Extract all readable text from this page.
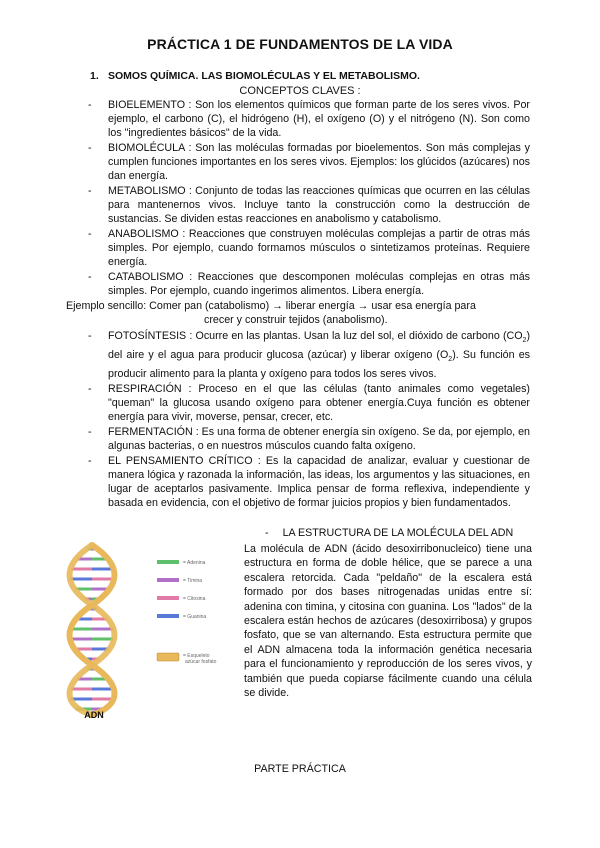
PRÁCTICA 1 DE FUNDAMENTOS DE LA VIDA
1. SOMOS QUÍMICA. LAS BIOMOLÉCULAS Y EL METABOLISMO.
CONCEPTOS CLAVES :
- BIOELEMENTO : Son los elementos químicos que forman parte de los seres vivos. Por ejemplo, el carbono (C), el hidrógeno (H), el oxígeno (O) y el nitrógeno (N). Son como los "ingredientes básicos" de la vida.
- BIOMOLÉCULA : Son las moléculas formadas por bioelementos. Son más complejas y cumplen funciones importantes en los seres vivos. Ejemplos: los glúcidos (azúcares) nos dan energía.
- METABOLISMO : Conjunto de todas las reacciones químicas que ocurren en las células para mantenernos vivos. Incluye tanto la construcción como la destrucción de sustancias. Se dividen estas reacciones en anabolismo y catabolismo.
- ANABOLISMO : Reacciones que construyen moléculas complejas a partir de otras más simples. Por ejemplo, cuando formamos músculos o sintetizamos proteínas. Requiere energía.
- CATABOLISMO : Reacciones que descomponen moléculas complejas en otras más simples. Por ejemplo, cuando ingerimos alimentos. Libera energía.
Ejemplo sencillo: Comer pan (catabolismo) → liberar energía → usar esa energía para
crecer y construir tejidos (anabolismo).
- FOTOSÍNTESIS : Ocurre en las plantas. Usan la luz del sol, el dióxido de carbono $(CO_2)$ del aire y el agua para producir glucosa (azúcar) y liberar oxígeno $(O_2)$. Su función es producir alimento para la planta y oxígeno para todos los seres vivos.
- RESPIRACIÓN : Proceso en el que las células (tanto animales como vegetales) "queman" la glucosa usando oxígeno para obtener energía.Cuya función es obtener energía para vivir, moverse, pensar, crecer, etc.
- FERMENTACIÓN : Es una forma de obtener energía sin oxígeno. Se da, por ejemplo, en algunas bacterias, o en nuestros músculos cuando falta oxígeno.
- EL PENSAMIENTO CRÍTICO : Es la capacidad de analizar, evaluar y cuestionar de manera lógica y razonada la información, las ideas, los argumentos y las situaciones, en lugar de aceptarlos pasivamente. Implica pensar de forma reflexiva, independiente y basada en evidencia, con el objetivo de formar juicios propios y bien fundamentados.
- LA ESTRUCTURA DE LA MOLÉCULA DEL ADN
La molécula de ADN (ácido desoxirribonucleico) tiene una estructura en forma de doble hélice, que se parece a una escalera retorcida. Cada "peldaño" de la escalera está formado por dos bases nitrogenadas unidas entre sí: adenina con timina, y citosina con guanina. Los "lados" de la escalera están hechos de azúcares (desoxirribosa) y grupos fosfato, que se van alternando. Esta estructura permite que el ADN almacena toda la información genética necesaria para el funcionamiento y reproducción de los seres vivos, y también que pueda copiarse fácilmente cuando una célula se divide.
= Adenina
= Timina
= Citosina
= Guanina
= Esqueleto
azúcar fosfato
ADN
PARTE PRÁCTICA
